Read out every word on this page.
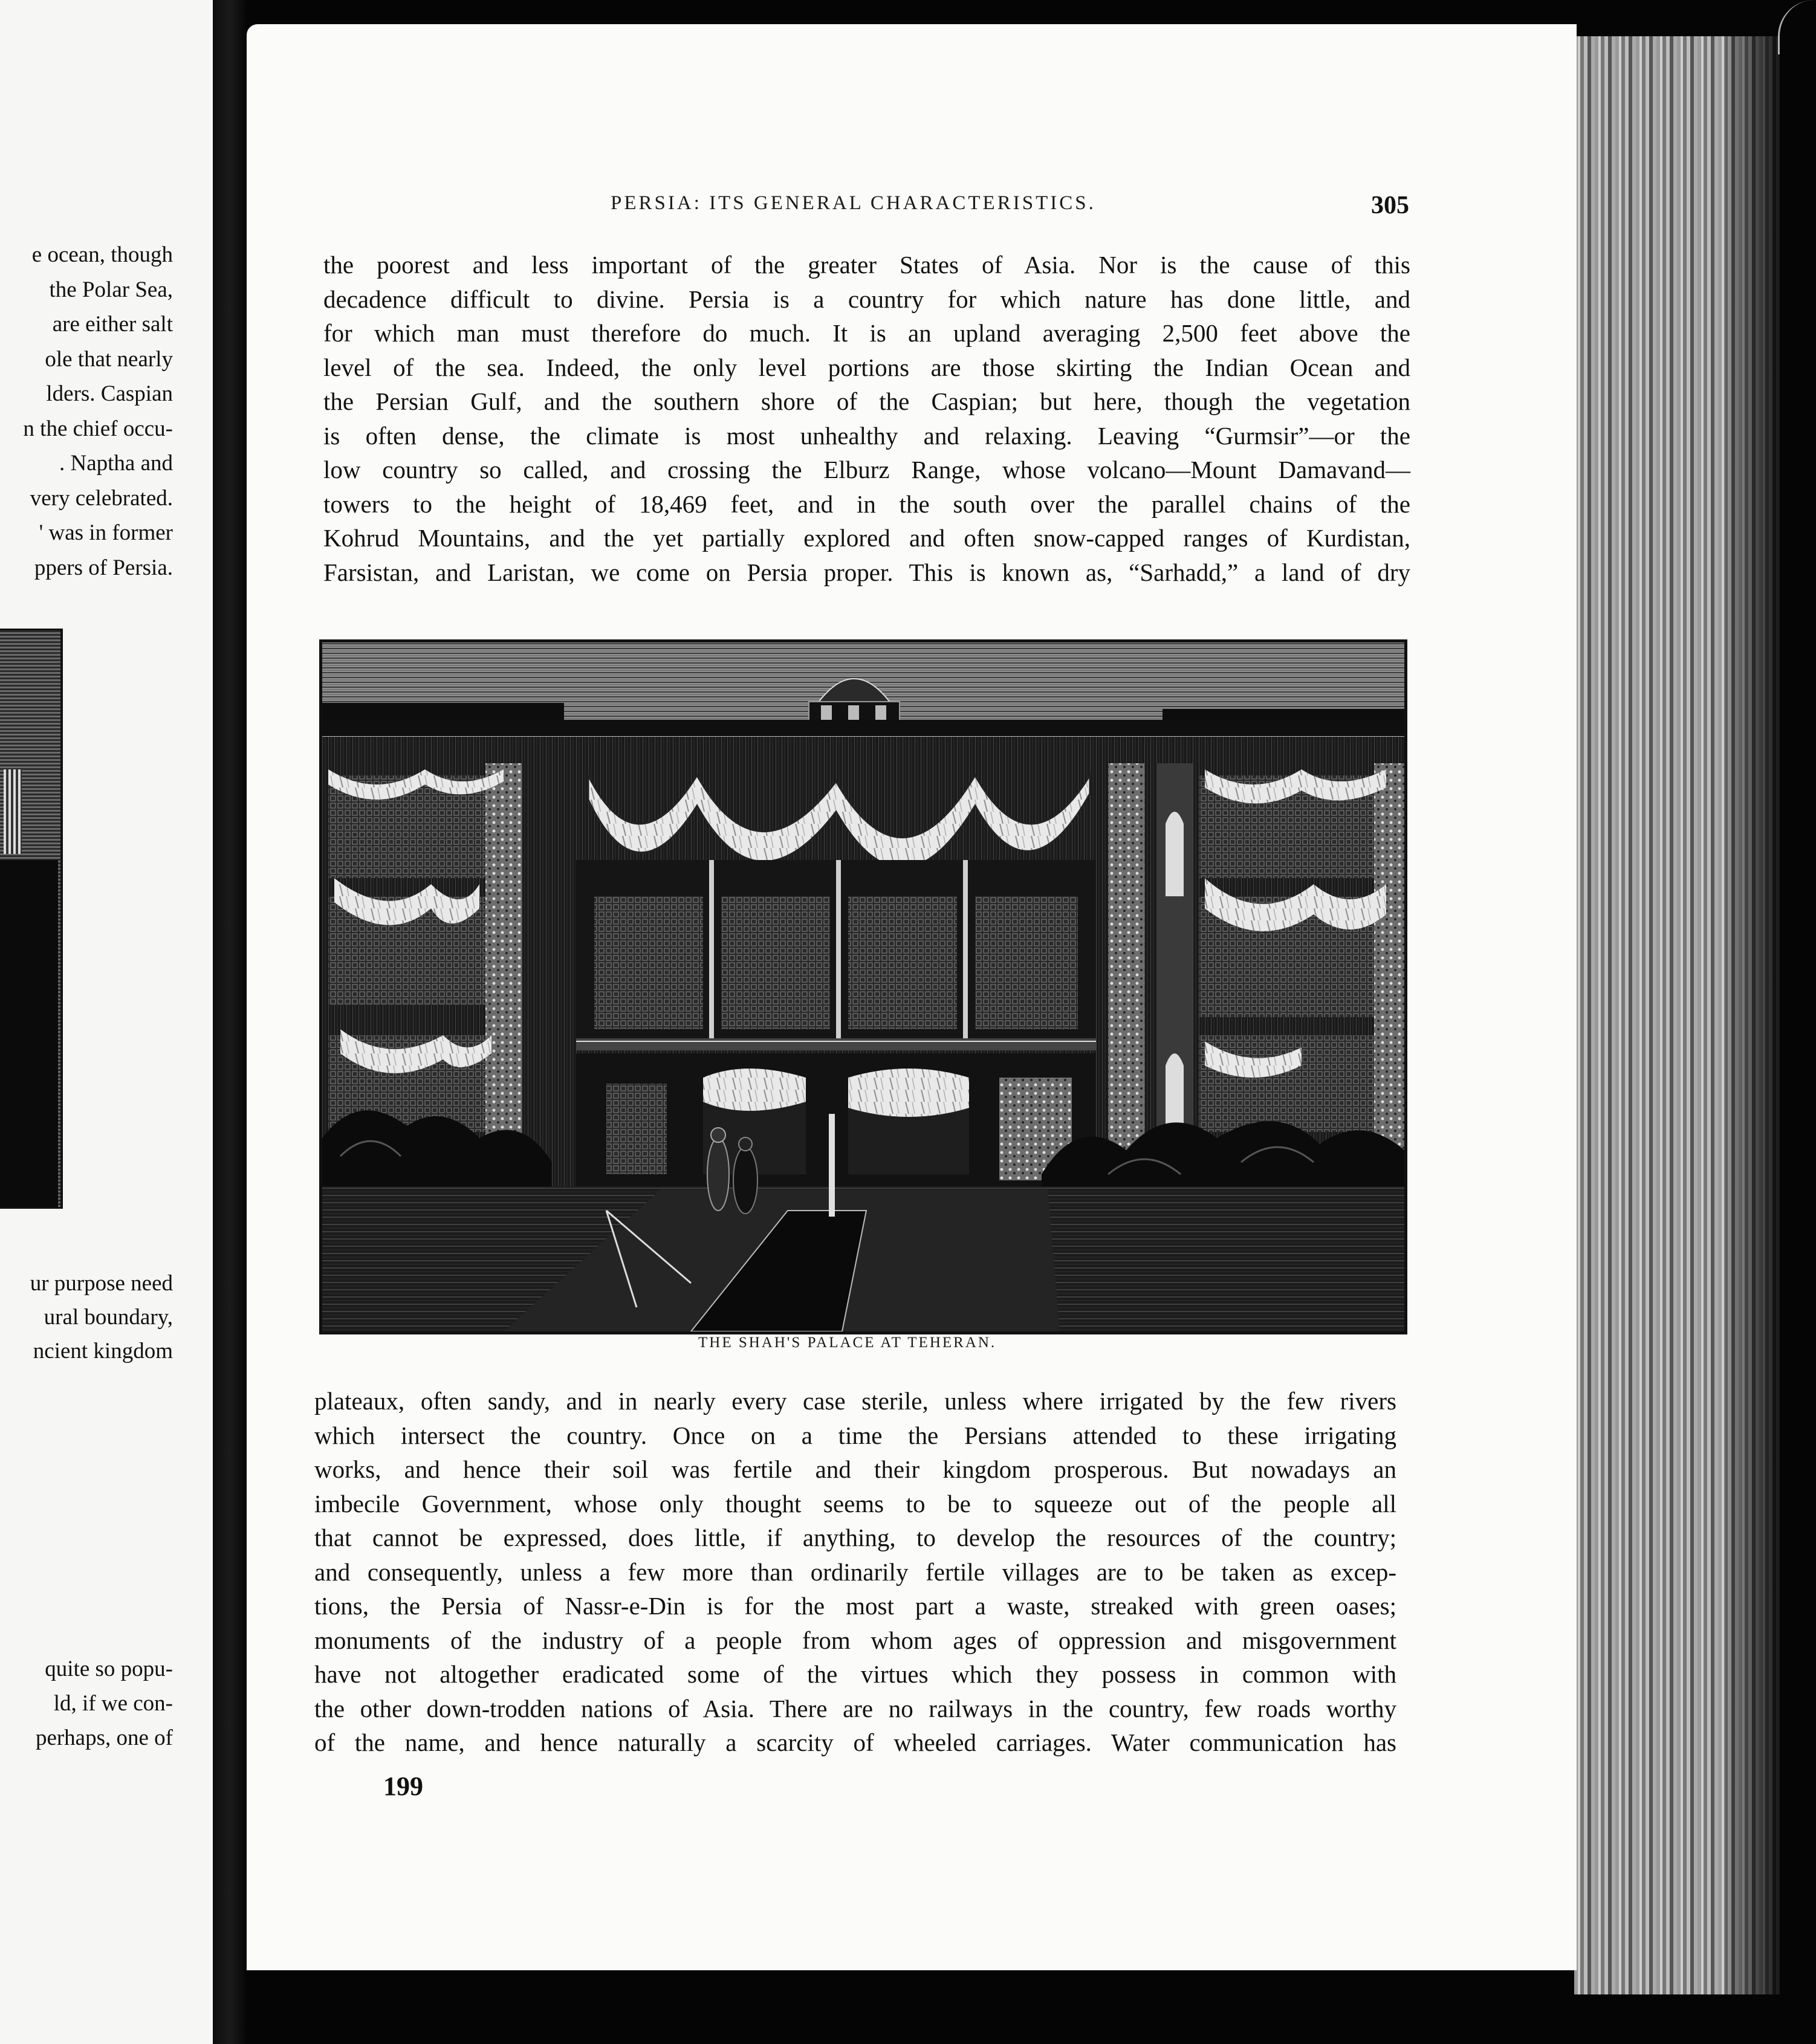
e ocean, though
the Polar Sea,
are either salt
ole that nearly
lders. Caspian
n the chief occu-
. Naptha and
very celebrated.
' was in former
ppers of Persia.
ur purpose need
ural boundary,
ncient kingdom
quite so popu-
ld, if we con-
perhaps, one of
PERSIA: ITS GENERAL CHARACTERISTICS.	305
the poorest and less important of the greater States of Asia. Nor is the cause of this
decadence difficult to divine. Persia is a country for which nature has done little, and
for which man must therefore do much. It is an upland averaging 2,500 feet above the
level of the sea. Indeed, the only level portions are those skirting the Indian Ocean and
the Persian Gulf, and the southern shore of the Caspian; but here, though the vegetation
is often dense, the climate is most unhealthy and relaxing. Leaving “Gurmsir”—or the
low country so called, and crossing the Elburz Range, whose volcano—Mount Damavand—
towers to the height of 18,469 feet, and in the south over the parallel chains of the
Kohrud Mountains, and the yet partially explored and often snow-capped ranges of Kurdistan,
Farsistan, and Laristan, we come on Persia proper. This is known as, “Sarhadd,” a land of dry
THE SHAH'S PALACE AT TEHERAN.
plateaux, often sandy, and in nearly every case sterile, unless where irrigated by the few rivers
which intersect the country. Once on a time the Persians attended to these irrigating
works, and hence their soil was fertile and their kingdom prosperous. But nowadays an
imbecile Government, whose only thought seems to be to squeeze out of the people all
that cannot be expressed, does little, if anything, to develop the resources of the country;
and consequently, unless a few more than ordinarily fertile villages are to be taken as excep-
tions, the Persia of Nassr-e-Din is for the most part a waste, streaked with green oases;
monuments of the industry of a people from whom ages of oppression and misgovernment
have not altogether eradicated some of the virtues which they possess in common with
the other down-trodden nations of Asia. There are no railways in the country, few roads worthy
of the name, and hence naturally a scarcity of wheeled carriages. Water communication has
199
